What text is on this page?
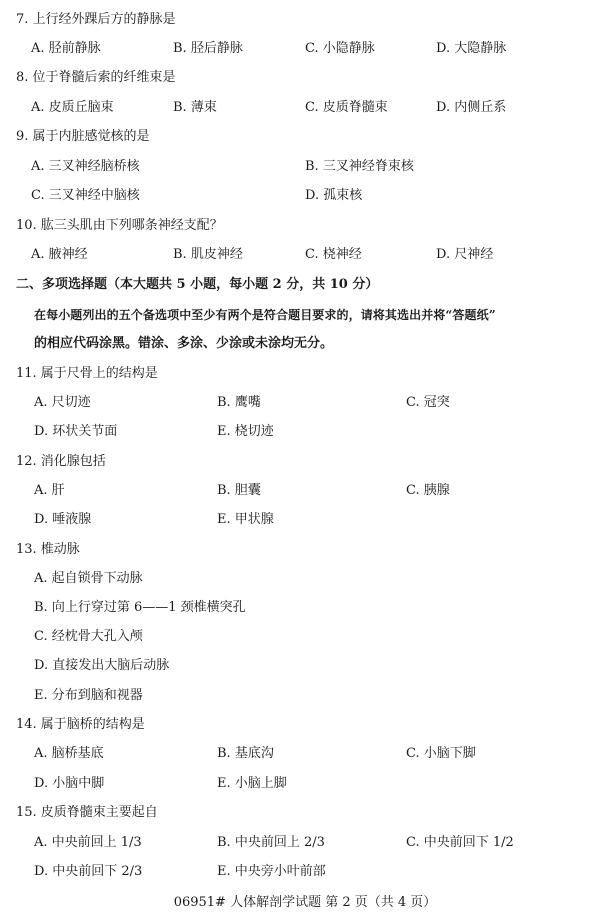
7. 上行经外踝后方的静脉是
A. 胫前静脉	B. 胫后静脉	C. 小隐静脉	D. 大隐静脉
8. 位于脊髓后索的纤维束是
A. 皮质丘脑束	B. 薄束	C. 皮质脊髓束	D. 内侧丘系
9. 属于内脏感觉核的是
A. 三叉神经脑桥核	B. 三叉神经脊束核
C. 三叉神经中脑核	D. 孤束核
10. 肱三头肌由下列哪条神经支配？
A. 腋神经	B. 肌皮神经	C. 桡神经	D. 尺神经
二、多项选择题（本大题共 5 小题，每小题 2 分，共 10 分）
在每小题列出的五个备选项中至少有两个是符合题目要求的，请将其选出并将“答题纸”
的相应代码涂黑。错涂、多涂、少涂或未涂均无分。
11. 属于尺骨上的结构是
A. 尺切迹	B. 鹰嘴	C. 冠突
D. 环状关节面	E. 桡切迹
12. 消化腺包括
A. 肝	B. 胆囊	C. 胰腺
D. 唾液腺	E. 甲状腺
13. 椎动脉
A. 起自锁骨下动脉
B. 向上行穿过第 6——1 颈椎横突孔
C. 经枕骨大孔入颅
D. 直接发出大脑后动脉
E. 分布到脑和视器
14. 属于脑桥的结构是
A. 脑桥基底	B. 基底沟	C. 小脑下脚
D. 小脑中脚	E. 小脑上脚
15. 皮质脊髓束主要起自
A. 中央前回上 1/3	B. 中央前回上 2/3	C. 中央前回下 1/2
D. 中央前回下 2/3	E. 中央旁小叶前部
06951# 人体解剖学试题 第 2 页（共 4 页）
